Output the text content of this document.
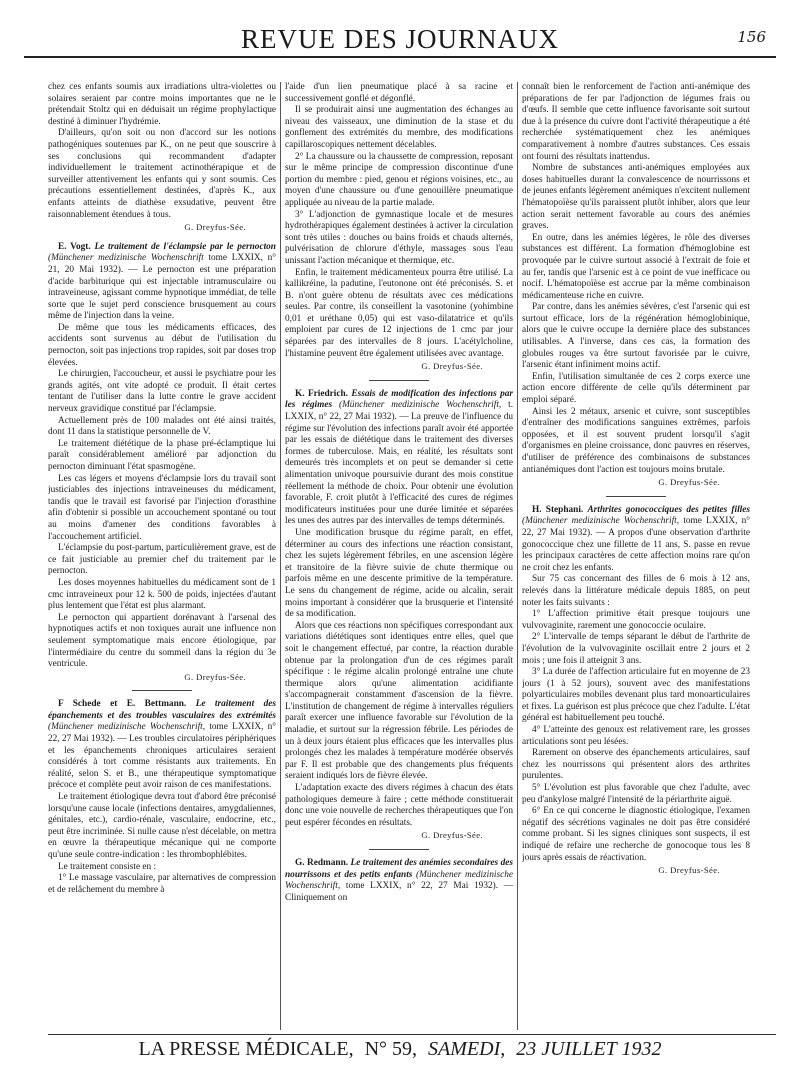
REVUE DES JOURNAUX	156

chez ces enfants soumis aux irradiations ultra-violettes ou solaires seraient par contre moins importantes que ne le prétendait Stoltz qui en déduisait un régime prophylactique destiné à diminuer l'hydrémie.

D'ailleurs, qu'on soit ou non d'accord sur les notions pathogéniques soutenues par K., on ne peut que souscrire à ses conclusions qui recommandent d'adapter individuellement le traitement actinothérapique et de surveiller attentivement les enfants qui y sont soumis. Ces précautions essentiellement destinées, d'après K., aux enfants atteints de diathèse exsudative, peuvent être raisonnablement étendues à tous.

G. Dreyfus-Sée.

E. Vogt. Le traitement de l'éclampsie par le pernocton (Münchener medizinische Wochenschrift tome LXXIX, n° 21, 20 Mai 1932). — Le pernocton est une préparation d'acide barbiturique qui est injectable intramusculaire ou intraveineuse, agissant comme hypnotique immédiat, de telle sorte que le sujet perd conscience brusquement au cours même de l'injection dans la veine.

De même que tous les médicaments efficaces, des accidents sont survenus au début de l'utilisation du pernocton, soit pas injections trop rapides, soit par doses trop élevées.

Le chirurgien, l'accoucheur, et aussi le psychiatre pour les grands agités, ont vite adopté ce produit. Il était certes tentant de l'utiliser dans la lutte contre le grave accident nerveux gravidique constitué par l'éclampsie.

Actuellement près de 100 malades ont été ainsi traités, dont 11 dans la statistique personnelle de V.

Le traitement diététique de la phase pré-éclamptique lui paraît considérablement amélioré par adjonction du pernocton diminuant l'état spasmogène.

Les cas légers et moyens d'éclampsie lors du travail sont justiciables des injections intraveineuses du médicament, tandis que le travail est favorisé par l'injection d'orasthine afin d'obtenir si possible un accouchement spontané ou tout au moins d'amener des conditions favorables à l'accouchement artificiel.

L'éclampsie du post-partum, particulièrement grave, est de ce fait justiciable au premier chef du traitement par le pernocton.

Les doses moyennes habituelles du médicament sont de 1 cmc intraveineux pour 12 k. 500 de poids, injectées d'autant plus lentement que l'état est plus alarmant.

Le pernocton qui appartient dorénavant à l'arsenal des hypnotiques actifs et non toxiques aurait une influence non seulement symptomatique mais encore étiologique, par l'intermédiaire du centre du sommeil dans la région du 3e ventricule.

G. Dreyfus-Sée.

F Schede et E. Bettmann. Le traitement des épanchements et des troubles vasculaires des extrémités (Münchener medizinische Wochenschrift, tome LXXIX, n° 22, 27 Mai 1932). — Les troubles circulatoires périphériques et les épanchements chroniques articulaires seraient considérés à tort comme résistants aux traitements. En réalité, selon S. et B., une thérapeutique symptomatique précoce et complète peut avoir raison de ces manifestations.

Le traitement étiologique devra tout d'abord être préconisé lorsqu'une cause locale (infections dentaires, amygdaliennes, génitales, etc.), cardio-rénale, vasculaire, endocrine, etc., peut être incriminée. Si nulle cause n'est décelable, on mettra en œuvre la thérapeutique mécanique qui ne comporte qu'une seule contre-indication : les thrombophlébites.

Le traitement consiste en :

1° Le massage vasculaire, par alternatives de compression et de relâchement du membre à

l'aide d'un lien pneumatique placé à sa racine et successivement gonflé et dégonflé.

Il se produirait ainsi une augmentation des échanges au niveau des vaisseaux, une diminution de la stase et du gonflement des extrémités du membre, des modifications capillaroscopiques nettement décelables.

2° La chaussure ou la chaussette de compression, reposant sur le même principe de compression discontinue d'une portion du membre : pied, genou et régions voisines, etc., au moyen d'une chaussure ou d'une genouillère pneumatique appliquée au niveau de la partie malade.

3° L'adjonction de gymnastique locale et de mesures hydrothérapiques également destinées à activer la circulation sont très utiles : douches ou bains froids et chauds alternés, pulvérisation de chlorure d'éthyle, massages sous l'eau unissant l'action mécanique et thermique, etc.

Enfin, le traitement médicamenteux pourra être utilisé. La kallikréine, la padutine, l'eutonone ont été préconisés. S. et B. n'ont guère obtenu de résultats avec ces médications seules. Par contre, ils conseillent la vasotonine (yohimbine 0,01 et uréthane 0,05) qui est vaso-dilatatrice et qu'ils emploient par cures de 12 injections de 1 cmc par jour séparées par des intervalles de 8 jours. L'acétylcholine, l'histamine peuvent être également utilisées avec avantage.

G. Dreyfus-Sée.

K. Friedrich. Essais de modification des infections par les régimes (Münchener medizinische Wochenschrift, t. LXXIX, n° 22, 27 Mai 1932). — La preuve de l'influence du régime sur l'évolution des infections paraît avoir été apportée par les essais de diététique dans le traitement des diverses formes de tuberculose. Mais, en réalité, les résultats sont demeurés très incomplets et on peut se demander si cette alimentation univoque poursuivie durant des mois constitue réellement la méthode de choix. Pour obtenir une évolution favorable, F. croit plutôt à l'efficacité des cures de régimes modificateurs instituées pour une durée limitée et séparées les unes des autres par des intervalles de temps déterminés.

Une modification brusque du régime paraît, en effet, déterminer au cours des infections une réaction consistant, chez les sujets légèrement fébriles, en une ascension légère et transitoire de la fièvre suivie de chute thermique ou parfois même en une descente primitive de la température. Le sens du changement de régime, acide ou alcalin, serait moins important à considérer que la brusquerie et l'intensité de sa modification.

Alors que ces réactions non spécifiques correspondant aux variations diététiques sont identiques entre elles, quel que soit le changement effectué, par contre, la réaction durable obtenue par la prolongation d'un de ces régimes paraît spécifique : le régime alcalin prolongé entraîne une chute thermique alors qu'une alimentation acidifiante s'accompagnerait constamment d'ascension de la fièvre. L'institution de changement de régime à intervalles réguliers paraît exercer une influence favorable sur l'évolution de la maladie, et surtout sur la régression fébrile. Les périodes de un à deux jours étaient plus efficaces que les intervalles plus prolongés chez les malades à température modérée observés par F. Il est probable que des changements plus fréquents seraient indiqués lors de fièvre élevée.

L'adaptation exacte des divers régimes à chacun des états pathologiques demeure à faire ; cette méthode constituerait donc une voie nouvelle de recherches thérapeutiques que l'on peut espérer fécondes en résultats.

G. Dreyfus-Sée.

G. Redmann. Le traitement des anémies secondaires des nourrissons et des petits enfants (Münchener medizinische Wochenschrift, tome LXXIX, n° 22, 27 Mai 1932). — Cliniquement on

connaît bien le renforcement de l'action anti-anémique des préparations de fer par l'adjonction de légumes frais ou d'œufs. Il semble que cette influence favorisante soit surtout due à la présence du cuivre dont l'activité thérapeutique a été recherchée systématiquement chez les anémiques comparativement à nombre d'autres substances. Ces essais ont fourni des résultats inattendus.

Nombre de substances anti-anémiques employées aux doses habituelles durant la convalescence de nourrissons et de jeunes enfants légèrement anémiques n'excitent nullement l'hématopoïèse qu'ils paraissent plutôt inhiber, alors que leur action serait nettement favorable au cours des anémies graves.

En outre, dans les anémies légères, le rôle des diverses substances est différent. La formation d'hémoglobine est provoquée par le cuivre surtout associé à l'extrait de foie et au fer, tandis que l'arsenic est à ce point de vue inefficace ou nocif. L'hématopoïèse est accrue par la même combinaison médicamenteuse riche en cuivre.

Par contre, dans les anémies sévères, c'est l'arsenic qui est surtout efficace, lors de la régénération hémoglobinique, alors que le cuivre occupe la dernière place des substances utilisables. A l'inverse, dans ces cas, la formation des globules rouges va être surtout favorisée par le cuivre, l'arsenic étant infiniment moins actif.

Enfin, l'utilisation simultanée de ces 2 corps exerce une action encore différente de celle qu'ils déterminent par emploi séparé.

Ainsi les 2 métaux, arsenic et cuivre, sont susceptibles d'entraîner des modifications sanguines extrêmes, parfois opposées, et il est souvent prudent lorsqu'il s'agit d'organismes en pleine croissance, donc pauvres en réserves, d'utiliser de préférence des combinaisons de substances antianémiques dont l'action est toujours moins brutale.

G. Dreyfus-Sée.

H. Stephani. Arthrites gonococciques des petites filles (Münchener medizinische Wochenschrift, tome LXXIX, n° 22, 27 Mai 1932). — A propos d'une observation d'arthrite gonococcique chez une fillette de 11 ans, S. passe en revue les principaux caractères de cette affection moins rare qu'on ne croit chez les enfants.

Sur 75 cas concernant des filles de 6 mois à 12 ans, relevés dans la littérature médicale depuis 1885, on peut noter les faits suivants :

1° L'affection primitive était presque toujours une vulvovaginite, rarement une gonococcie oculaire.

2° L'intervalle de temps séparant le début de l'arthrite de l'évolution de la vulvovaginite oscillait entre 2 jours et 2 mois ; une fois il atteignit 3 ans.

3° La durée de l'affection articulaire fut en moyenne de 23 jours (1 à 52 jours), souvent avec des manifestations polyarticulaires mobiles devenant plus tard monoarticulaires et fixes. La guérison est plus précoce que chez l'adulte. L'état général est habituellement peu touché.

4° L'atteinte des genoux est relativement rare, les grosses articulations sont peu lésées.

Rarement on observe des épanchements articulaires, sauf chez les nourrissons qui présentent alors des arthrites purulentes.

5° L'évolution est plus favorable que chez l'adulte, avec peu d'ankylose malgré l'intensité de la périarthrite aiguë.

6° En ce qui concerne le diagnostic étiologique, l'examen négatif des sécrétions vaginales ne doit pas être considéré comme probant. Si les signes cliniques sont suspects, il est indiqué de refaire une recherche de gonocoque tous les 8 jours après essais de réactivation.

G. Dreyfus-Sée.

LA PRESSE MÉDICALE, N° 59, SAMEDI, 23 JUILLET 1932
